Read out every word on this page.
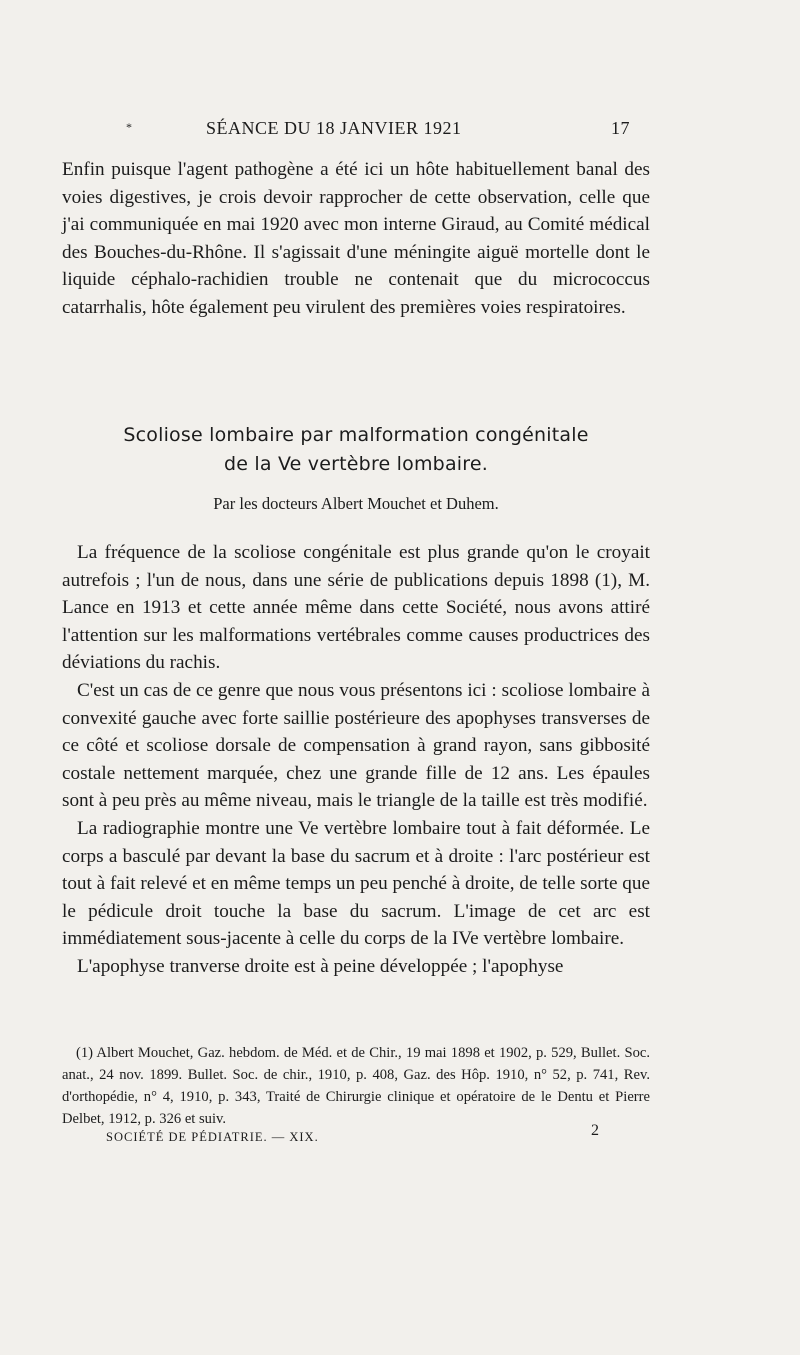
*	SÉANCE DU 18 JANVIER 1921	17

Enfin puisque l'agent pathogène a été ici un hôte habituellement banal des voies digestives, je crois devoir rapprocher de cette observation, celle que j'ai communiquée en mai 1920 avec mon interne Giraud, au Comité médical des Bouches-du-Rhône. Il s'agissait d'une méningite aiguë mortelle dont le liquide céphalo-rachidien trouble ne contenait que du micrococcus catarrhalis, hôte également peu virulent des premières voies respiratoires.

Scoliose lombaire par malformation congénitale
de la Ve vertèbre lombaire.
Par les docteurs Albert Mouchet et Duhem.

La fréquence de la scoliose congénitale est plus grande qu'on le croyait autrefois ; l'un de nous, dans une série de publications depuis 1898 (1), M. Lance en 1913 et cette année même dans cette Société, nous avons attiré l'attention sur les malformations vertébrales comme causes productrices des déviations du rachis.

C'est un cas de ce genre que nous vous présentons ici : scoliose lombaire à convexité gauche avec forte saillie postérieure des apophyses transverses de ce côté et scoliose dorsale de compensation à grand rayon, sans gibbosité costale nettement marquée, chez une grande fille de 12 ans. Les épaules sont à peu près au même niveau, mais le triangle de la taille est très modifié.

La radiographie montre une Ve vertèbre lombaire tout à fait déformée. Le corps a basculé par devant la base du sacrum et à droite : l'arc postérieur est tout à fait relevé et en même temps un peu penché à droite, de telle sorte que le pédicule droit touche la base du sacrum. L'image de cet arc est immédiatement sous-jacente à celle du corps de la IVe vertèbre lombaire.

L'apophyse tranverse droite est à peine développée ; l'apophyse

(1) Albert Mouchet, Gaz. hebdom. de Méd. et de Chir., 19 mai 1898 et 1902, p. 529, Bullet. Soc. anat., 24 nov. 1899. Bullet. Soc. de chir., 1910, p. 408, Gaz. des Hôp. 1910, n° 52, p. 741, Rev. d'orthopédie, n° 4, 1910, p. 343, Traité de Chirurgie clinique et opératoire de le Dentu et Pierre Delbet, 1912, p. 326 et suiv.

SOCIÉTÉ DE PÉDIATRIE. — XIX.	2
